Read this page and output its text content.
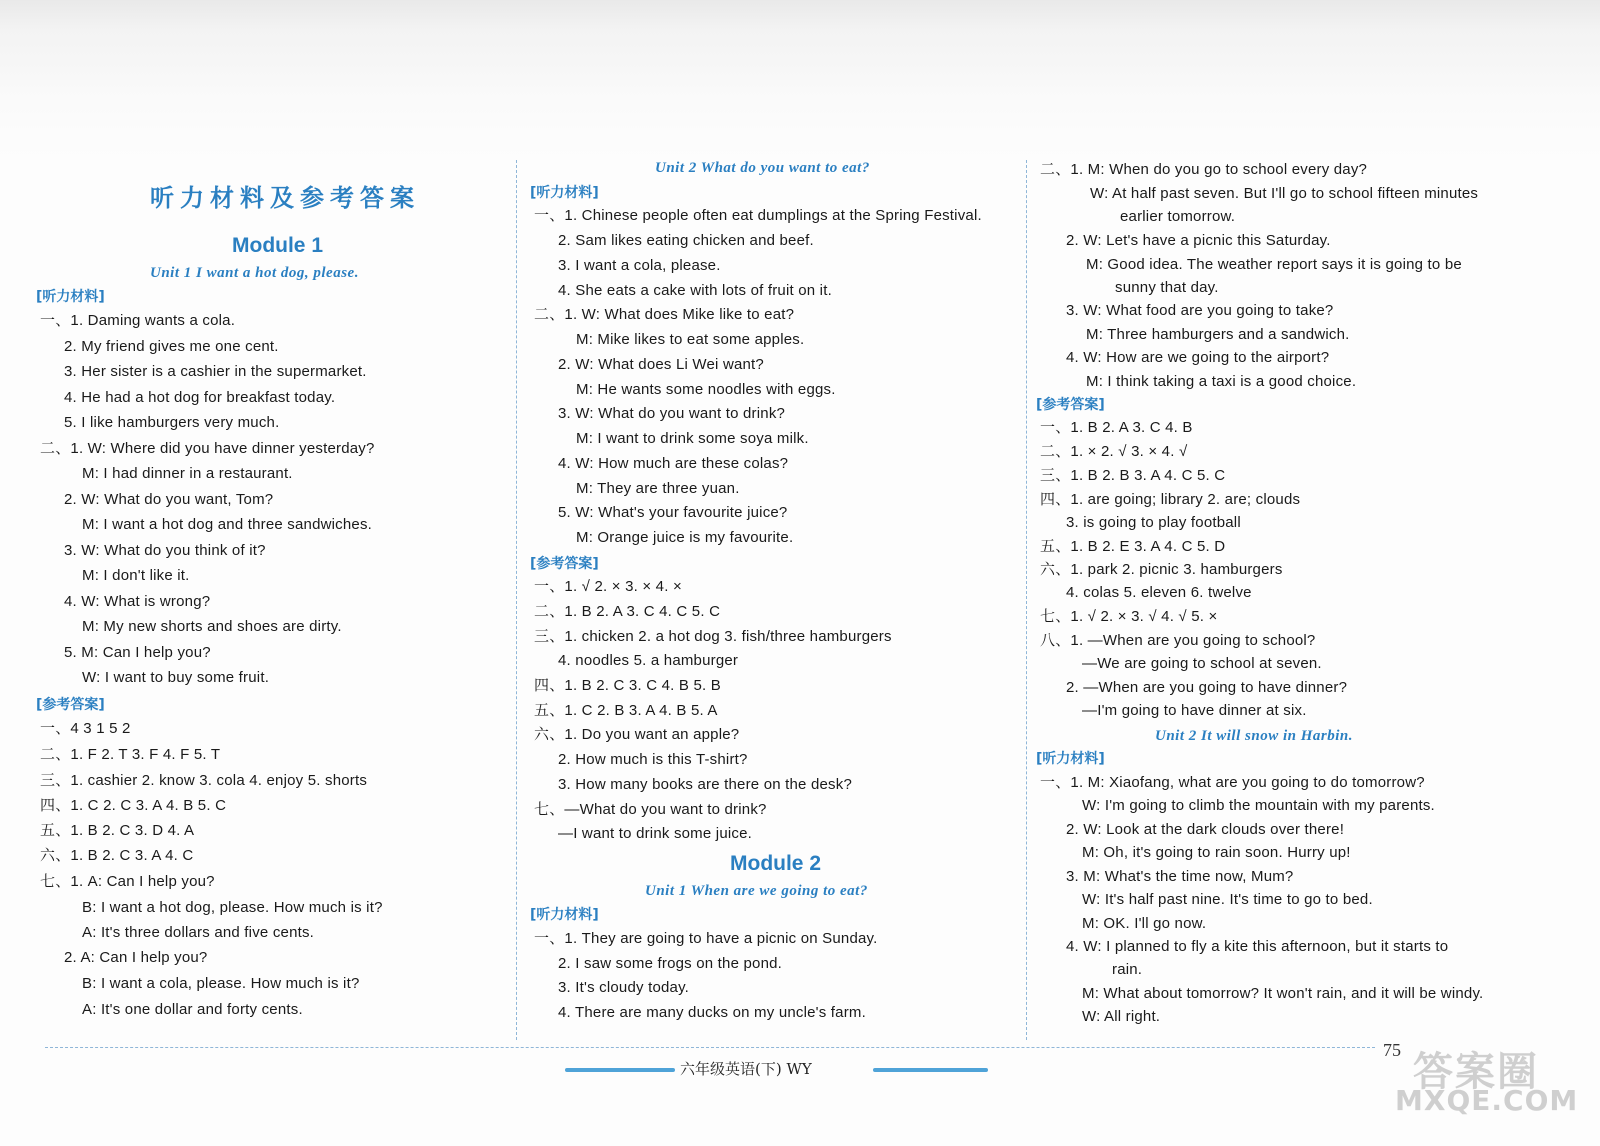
听力材料及参考答案
Module 1
Unit 1 I want a hot dog, please.
[听力材料]
一、1. Daming wants a cola.
2. My friend gives me one cent.
3. Her sister is a cashier in the supermarket.
4. He had a hot dog for breakfast today.
5. I like hamburgers very much.
二、1. W: Where did you have dinner yesterday?
M: I had dinner in a restaurant.
2. W: What do you want, Tom?
M: I want a hot dog and three sandwiches.
3. W: What do you think of it?
M: I don't like it.
4. W: What is wrong?
M: My new shorts and shoes are dirty.
5. M: Can I help you?
W: I want to buy some fruit.
[参考答案]
一、4 3 1 5 2
二、1. F 2. T 3. F 4. F 5. T
三、1. cashier 2. know 3. cola 4. enjoy 5. shorts
四、1. C 2. C 3. A 4. B 5. C
五、1. B 2. C 3. D 4. A
六、1. B 2. C 3. A 4. C
七、1. A: Can I help you?
B: I want a hot dog, please. How much is it?
A: It's three dollars and five cents.
2. A: Can I help you?
B: I want a cola, please. How much is it?
A: It's one dollar and forty cents.
Unit 2 What do you want to eat?
[听力材料]
一、1. Chinese people often eat dumplings at the Spring Festival.
2. Sam likes eating chicken and beef.
3. I want a cola, please.
4. She eats a cake with lots of fruit on it.
二、1. W: What does Mike like to eat?
M: Mike likes to eat some apples.
2. W: What does Li Wei want?
M: He wants some noodles with eggs.
3. W: What do you want to drink?
M: I want to drink some soya milk.
4. W: How much are these colas?
M: They are three yuan.
5. W: What's your favourite juice?
M: Orange juice is my favourite.
[参考答案]
一、1. √ 2. × 3. × 4. ×
二、1. B 2. A 3. C 4. C 5. C
三、1. chicken 2. a hot dog 3. fish/three hamburgers
4. noodles 5. a hamburger
四、1. B 2. C 3. C 4. B 5. B
五、1. C 2. B 3. A 4. B 5. A
六、1. Do you want an apple?
2. How much is this T-shirt?
3. How many books are there on the desk?
七、—What do you want to drink?
—I want to drink some juice.
Module 2
Unit 1 When are we going to eat?
[听力材料]
一、1. They are going to have a picnic on Sunday.
2. I saw some frogs on the pond.
3. It's cloudy today.
4. There are many ducks on my uncle's farm.
二、1. M: When do you go to school every day?
W: At half past seven. But I'll go to school fifteen minutes
earlier tomorrow.
2. W: Let's have a picnic this Saturday.
M: Good idea. The weather report says it is going to be
sunny that day.
3. W: What food are you going to take?
M: Three hamburgers and a sandwich.
4. W: How are we going to the airport?
M: I think taking a taxi is a good choice.
[参考答案]
一、1. B 2. A 3. C 4. B
二、1. × 2. √ 3. × 4. √
三、1. B 2. B 3. A 4. C 5. C
四、1. are going; library 2. are; clouds
3. is going to play football
五、1. B 2. E 3. A 4. C 5. D
六、1. park 2. picnic 3. hamburgers
4. colas 5. eleven 6. twelve
七、1. √ 2. × 3. √ 4. √ 5. ×
八、1. —When are you going to school?
—We are going to school at seven.
2. —When are you going to have dinner?
—I'm going to have dinner at six.
Unit 2 It will snow in Harbin.
[听力材料]
一、1. M: Xiaofang, what are you going to do tomorrow?
W: I'm going to climb the mountain with my parents.
2. W: Look at the dark clouds over there!
M: Oh, it's going to rain soon. Hurry up!
3. M: What's the time now, Mum?
W: It's half past nine. It's time to go to bed.
M: OK. I'll go now.
4. W: I planned to fly a kite this afternoon, but it starts to
rain.
M: What about tomorrow? It won't rain, and it will be windy.
W: All right.
六年级英语(下) WY
75 答案圈
MXQE.COM
